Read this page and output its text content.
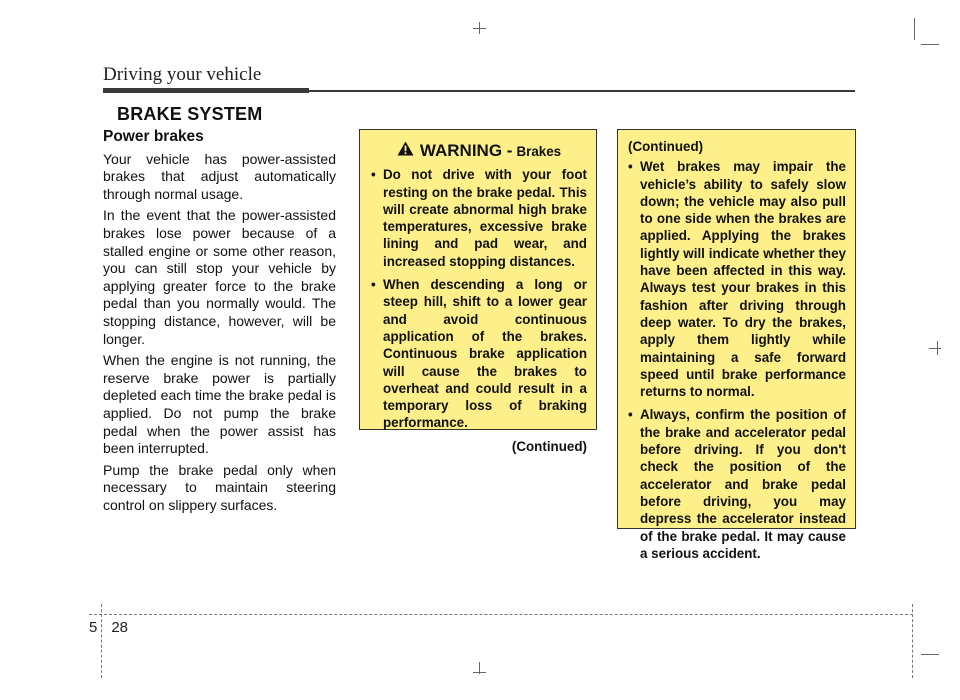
Driving your vehicle
BRAKE SYSTEM
Power brakes

Your vehicle has power-assisted brakes that adjust automatically through normal usage.

In the event that the power-assisted brakes lose power because of a stalled engine or some other reason, you can still stop your vehicle by applying greater force to the brake pedal than you normally would. The stopping distance, however, will be longer.

When the engine is not running, the reserve brake power is partially depleted each time the brake pedal is applied. Do not pump the brake pedal when the power assist has been interrupted.

Pump the brake pedal only when necessary to maintain steering control on slippery surfaces.

WARNING - Brakes
• Do not drive with your foot resting on the brake pedal. This will create abnormal high brake temperatures, excessive brake lining and pad wear, and increased stopping distances.
• When descending a long or steep hill, shift to a lower gear and avoid continuous application of the brakes. Continuous brake application will cause the brakes to overheat and could result in a temporary loss of braking performance.
(Continued)
(Continued)
• Wet brakes may impair the vehicle’s ability to safely slow down; the vehicle may also pull to one side when the brakes are applied. Applying the brakes lightly will indicate whether they have been affected in this way. Always test your brakes in this fashion after driving through deep water. To dry the brakes, apply them lightly while maintaining a safe forward speed until brake performance returns to normal.
• Always, confirm the position of the brake and accelerator pedal before driving. If you don't check the position of the accelerator and brake pedal before driving, you may depress the accelerator instead of the brake pedal. It may cause a serious accident.
5 28
